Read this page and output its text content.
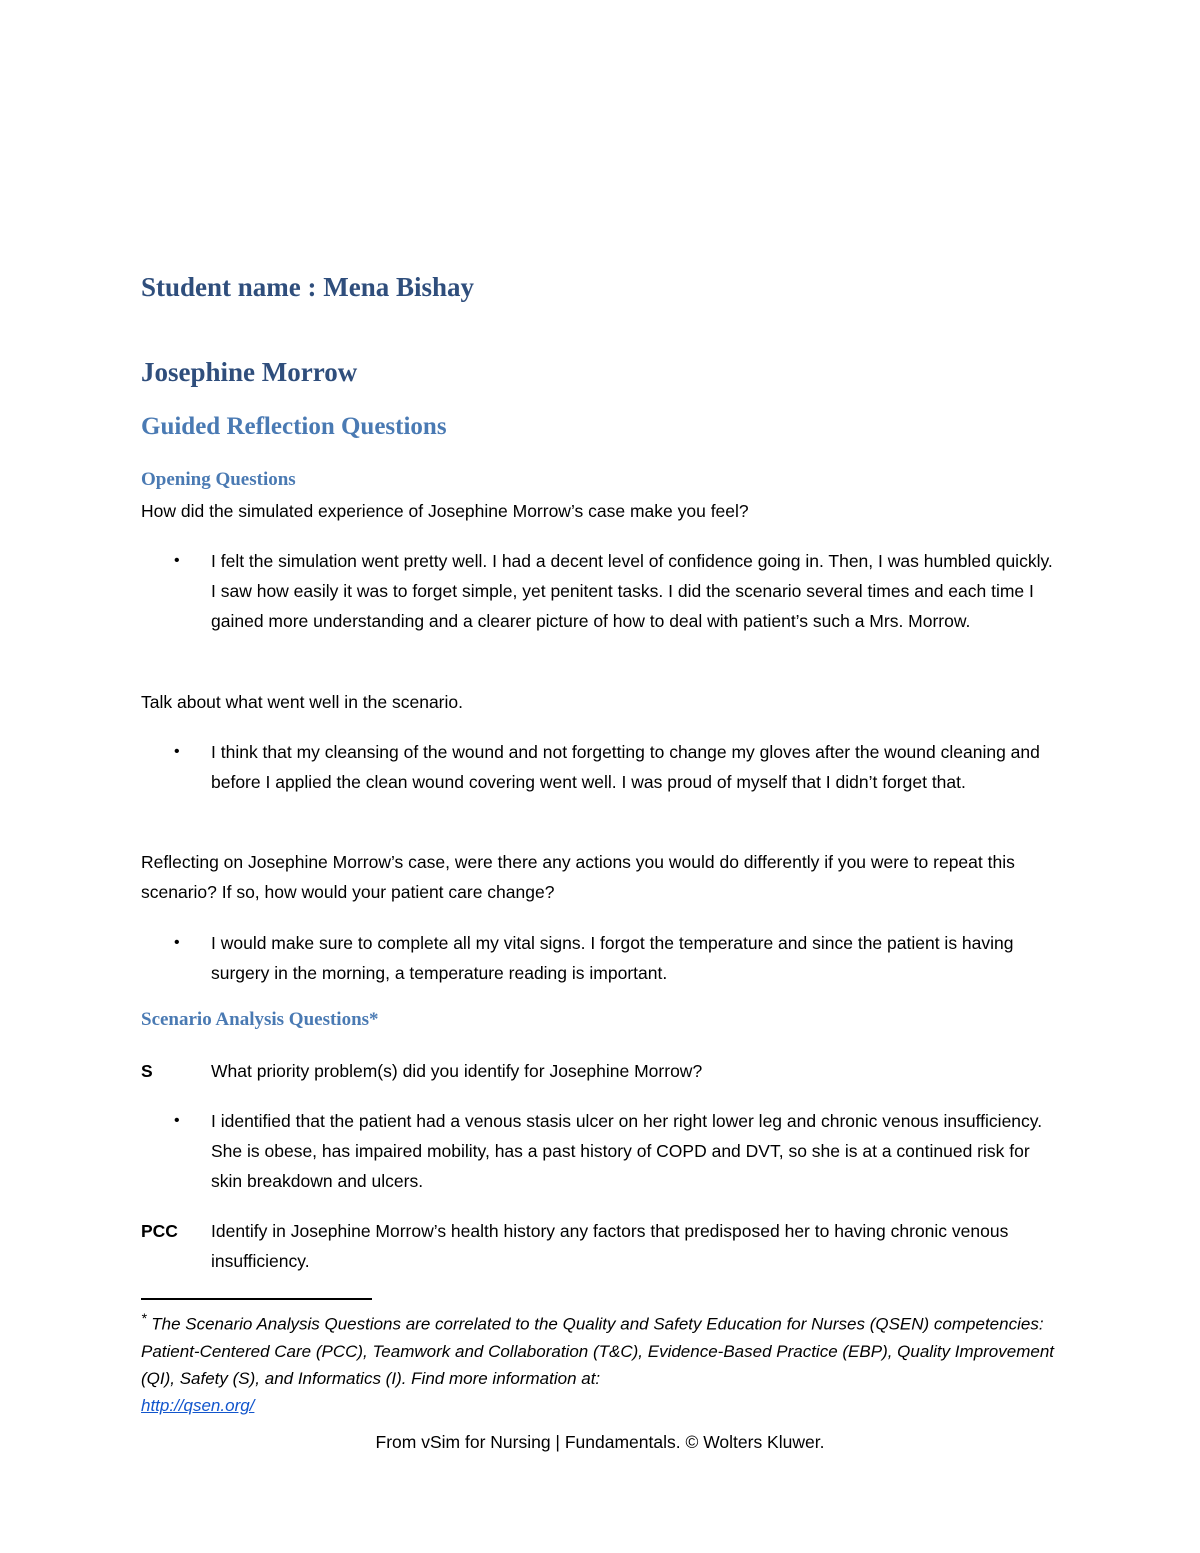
Student name : Mena Bishay
Josephine Morrow
Guided Reflection Questions
Opening Questions
How did the simulated experience of Josephine Morrow’s case make you feel?
• I felt the simulation went pretty well. I had a decent level of confidence going in. Then, I was humbled quickly. I saw how easily it was to forget simple, yet penitent tasks. I did the scenario several times and each time I gained more understanding and a clearer picture of how to deal with patient’s such a Mrs. Morrow.
Talk about what went well in the scenario.
• I think that my cleansing of the wound and not forgetting to change my gloves after the wound cleaning and before I applied the clean wound covering went well. I was proud of myself that I didn’t forget that.
Reflecting on Josephine Morrow’s case, were there any actions you would do differently if you were to repeat this scenario? If so, how would your patient care change?
• I would make sure to complete all my vital signs. I forgot the temperature and since the patient is having surgery in the morning, a temperature reading is important.
Scenario Analysis Questions*
S	What priority problem(s) did you identify for Josephine Morrow?
• I identified that the patient had a venous stasis ulcer on her right lower leg and chronic venous insufficiency. She is obese, has impaired mobility, has a past history of COPD and DVT, so she is at a continued risk for skin breakdown and ulcers.
PCC Identify in Josephine Morrow’s health history any factors that predisposed her to having chronic venous insufficiency.
* The Scenario Analysis Questions are correlated to the Quality and Safety Education for Nurses (QSEN) competencies: Patient-Centered Care (PCC), Teamwork and Collaboration (T&C), Evidence-Based Practice (EBP), Quality Improvement (QI), Safety (S), and Informatics (I). Find more information at:
http://qsen.org/
From vSim for Nursing | Fundamentals. © Wolters Kluwer.
